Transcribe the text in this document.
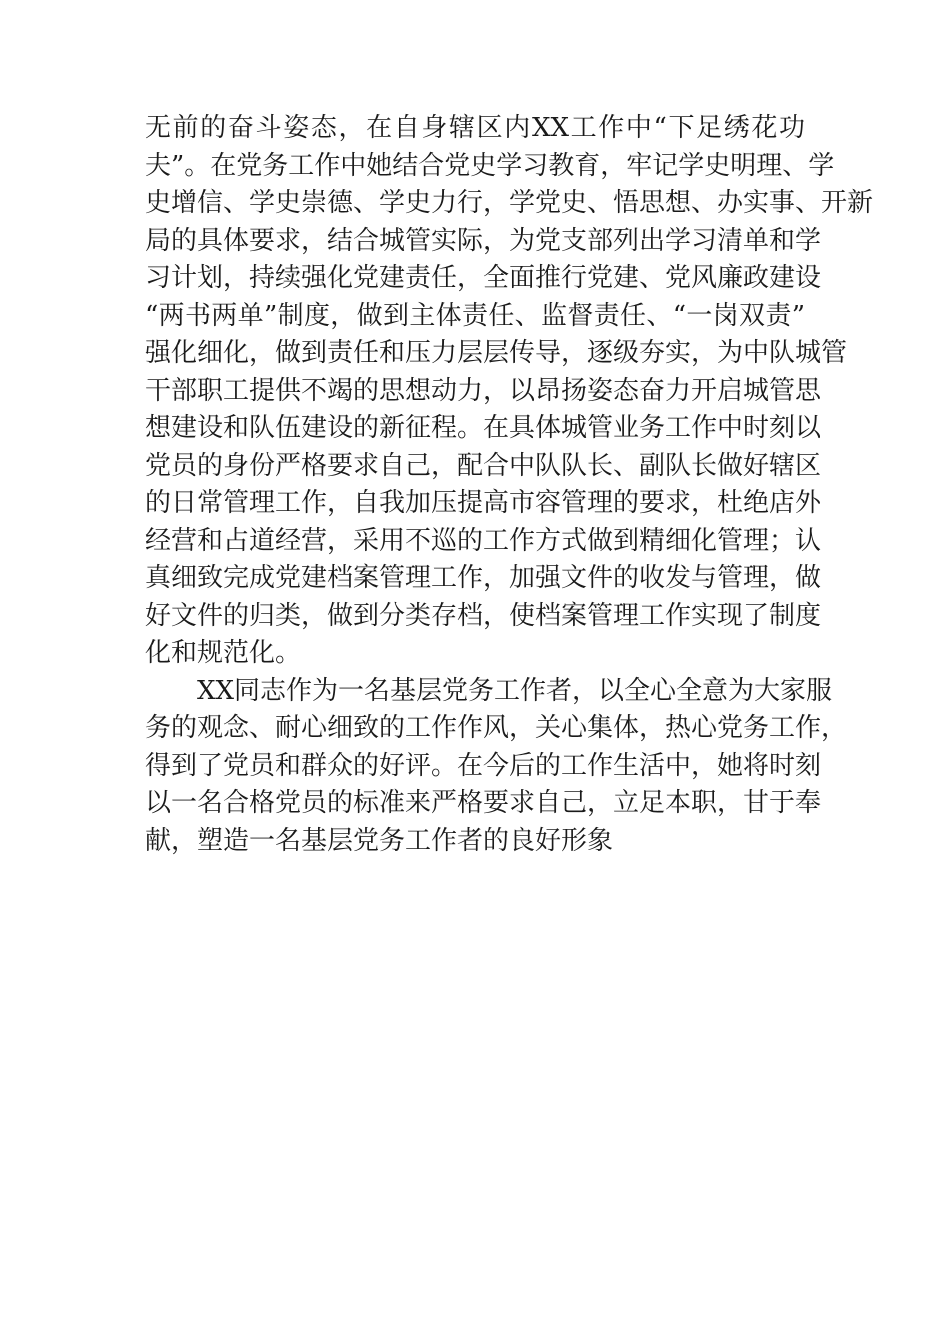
无前的奋斗姿态，在自身辖区内XX工作中“下足绣花功
夫”。在党务工作中她结合党史学习教育，牢记学史明理、学
史增信、学史崇德、学史力行，学党史、悟思想、办实事、开新
局的具体要求，结合城管实际，为党支部列出学习清单和学
习计划，持续强化党建责任，全面推行党建、党风廉政建设
“两书两单”制度，做到主体责任、监督责任、“一岗双责”
强化细化，做到责任和压力层层传导，逐级夯实，为中队城管
干部职工提供不竭的思想动力，以昂扬姿态奋力开启城管思
想建设和队伍建设的新征程。在具体城管业务工作中时刻以
党员的身份严格要求自己，配合中队队长、副队长做好辖区
的日常管理工作，自我加压提高市容管理的要求，杜绝店外
经营和占道经营，采用不巡的工作方式做到精细化管理；认
真细致完成党建档案管理工作，加强文件的收发与管理，做
好文件的归类，做到分类存档，使档案管理工作实现了制度
化和规范化。
XX同志作为一名基层党务工作者，以全心全意为大家服
务的观念、耐心细致的工作作风，关心集体，热心党务工作，
得到了党员和群众的好评。在今后的工作生活中，她将时刻
以一名合格党员的标准来严格要求自己，立足本职，甘于奉
献，塑造一名基层党务工作者的良好形象
